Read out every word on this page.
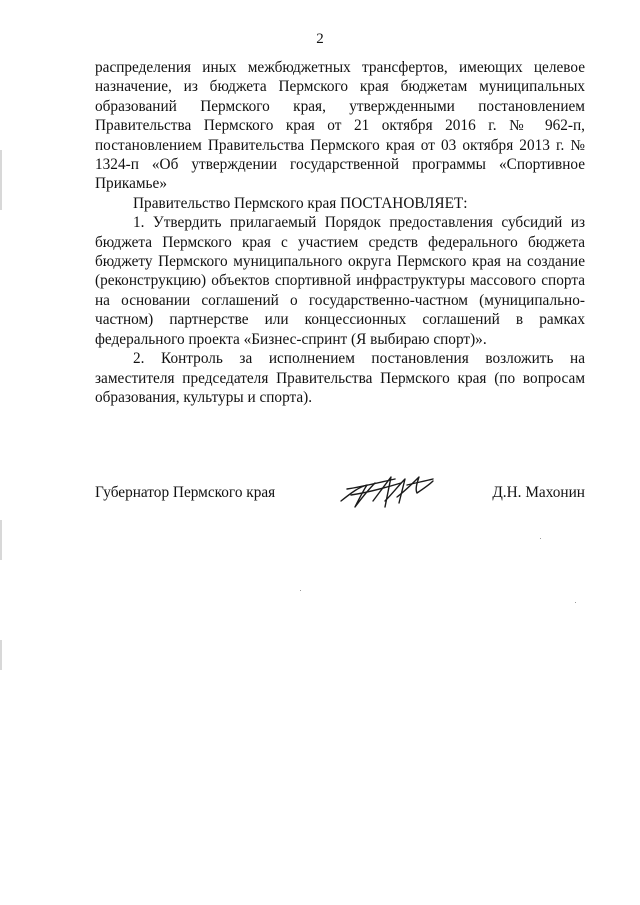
2

распределения иных межбюджетных трансфертов, имеющих целевое назначение, из бюджета Пермского края бюджетам муниципальных образований Пермского края, утвержденными постановлением Правительства Пермского края от 21 октября 2016 г. № 962-п, постановлением Правительства Пермского края от 03 октября 2013 г. № 1324-п «Об утверждении государственной программы «Спортивное Прикамье»

Правительство Пермского края ПОСТАНОВЛЯЕТ:

1. Утвердить прилагаемый Порядок предоставления субсидий из бюджета Пермского края с участием средств федерального бюджета бюджету Пермского муниципального округа Пермского края на создание (реконструкцию) объектов спортивной инфраструктуры массового спорта на основании соглашений о государственно-частном (муниципально-частном) партнерстве или концессионных соглашений в рамках федерального проекта «Бизнес-спринт (Я выбираю спорт)».

2. Контроль за исполнением постановления возложить на заместителя председателя Правительства Пермского края (по вопросам образования, культуры и спорта).

Губернатор Пермского края	Д.Н. Махонин
